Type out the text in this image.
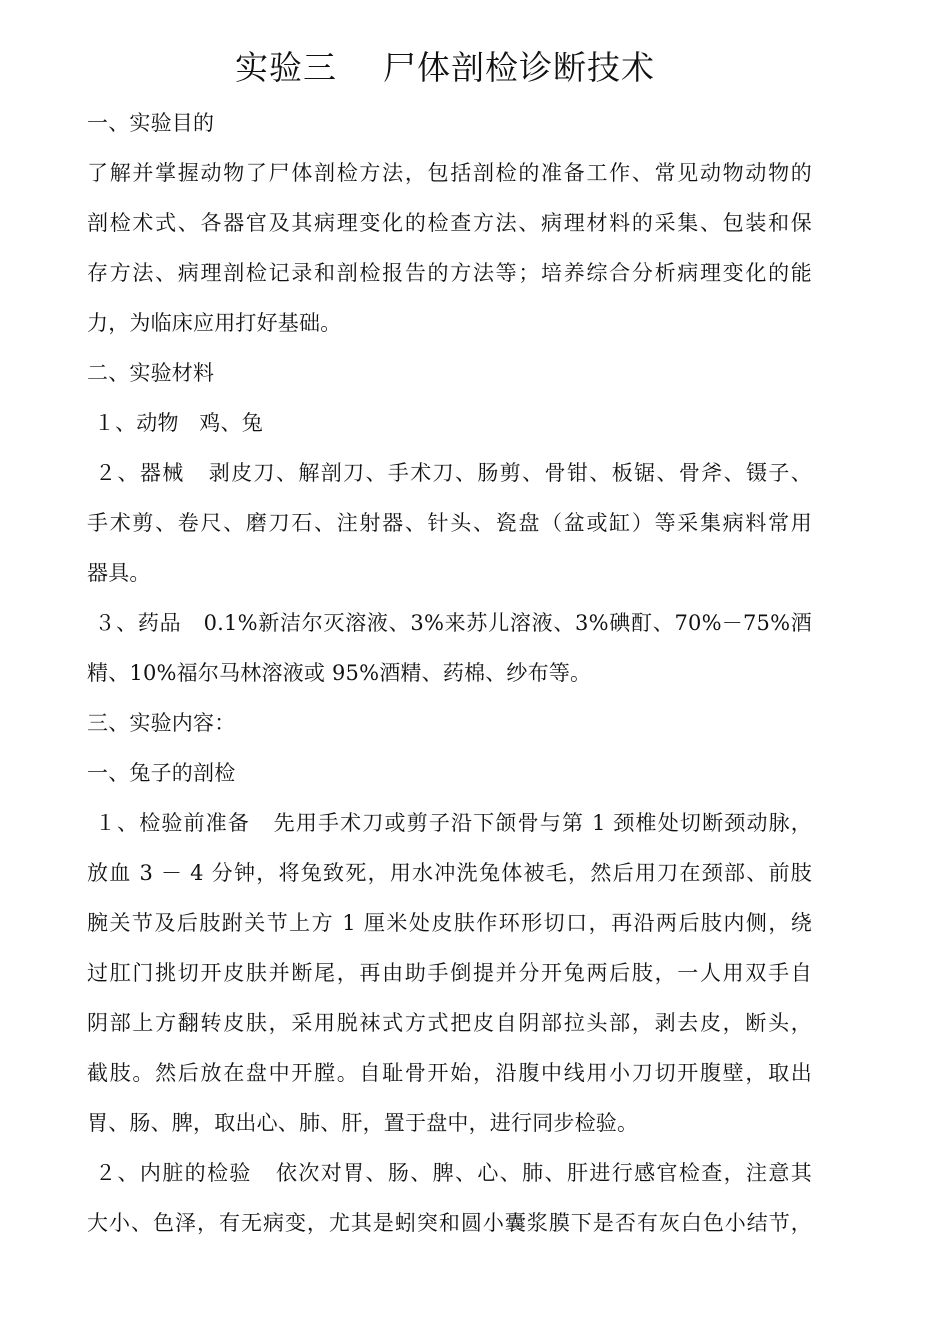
实验三    尸体剖检诊断技术
一、实验目的
了解并掌握动物了尸体剖检方法，包括剖检的准备工作、常见动物动物的
剖检术式、各器官及其病理变化的检查方法、病理材料的采集、包装和保
存方法、病理剖检记录和剖检报告的方法等；培养综合分析病理变化的能
力，为临床应用打好基础。
二、实验材料
１、动物   鸡、兔
２、器械   剥皮刀、解剖刀、手术刀、肠剪、骨钳、板锯、骨斧、镊子、
手术剪、卷尺、磨刀石、注射器、针头、瓷盘（盆或缸）等采集病料常用
器具。
３、药品   0.1%新洁尔灭溶液、3%来苏儿溶液、3%碘酊、70%－75%酒
精、10%福尔马林溶液或 95%酒精、药棉、纱布等。
三、实验内容：
一、兔子的剖检
１、检验前准备   先用手术刀或剪子沿下颌骨与第 1 颈椎处切断颈动脉，
放血 3 － 4 分钟，将兔致死，用水冲洗兔体被毛，然后用刀在颈部、前肢
腕关节及后肢跗关节上方 1 厘米处皮肤作环形切口，再沿两后肢内侧，绕
过肛门挑切开皮肤并断尾，再由助手倒提并分开兔两后肢，一人用双手自
阴部上方翻转皮肤，采用脱袜式方式把皮自阴部拉头部，剥去皮，断头，
截肢。然后放在盘中开膛。自耻骨开始，沿腹中线用小刀切开腹壁，取出
胃、肠、脾，取出心、肺、肝，置于盘中，进行同步检验。
２、内脏的检验   依次对胃、肠、脾、心、肺、肝进行感官检查，注意其
大小、色泽，有无病变，尤其是蚓突和圆小囊浆膜下是否有灰白色小结节，
